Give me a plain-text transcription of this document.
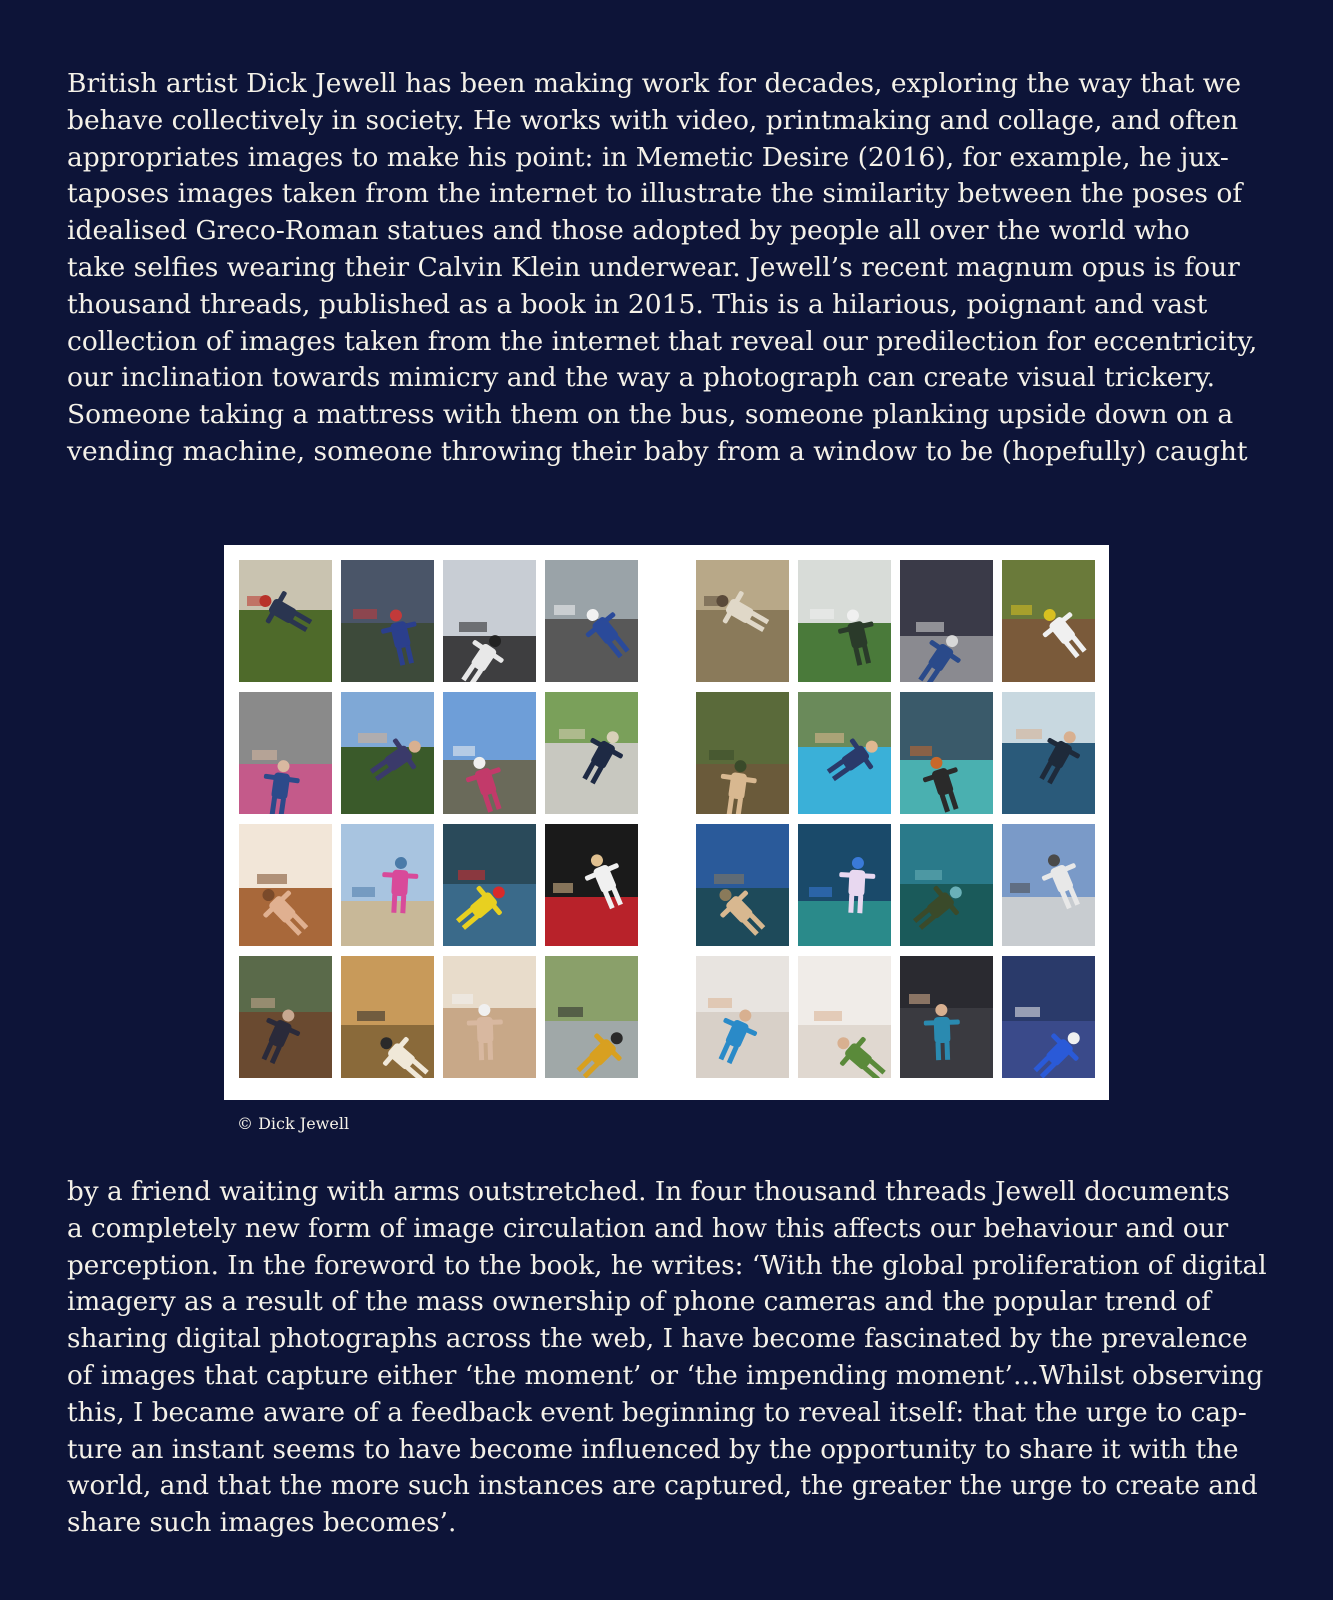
British artist Dick Jewell has been making work for decades, exploring the way that we
behave collectively in society. He works with video, printmaking and collage, and often
appropriates images to make his point: in Memetic Desire (2016), for example, he jux-
taposes images taken from the internet to illustrate the similarity between the poses of
idealised Greco-Roman statues and those adopted by people all over the world who
take selfies wearing their Calvin Klein underwear. Jewell’s recent magnum opus is four
thousand threads, published as a book in 2015. This is a hilarious, poignant and vast
collection of images taken from the internet that reveal our predilection for eccentricity,
our inclination towards mimicry and the way a photograph can create visual trickery.
Someone taking a mattress with them on the bus, someone planking upside down on a
vending machine, someone throwing their baby from a window to be (hopefully) caught
© Dick Jewell
by a friend waiting with arms outstretched. In four thousand threads Jewell documents
a completely new form of image circulation and how this affects our behaviour and our
perception. In the foreword to the book, he writes: ‘With the global proliferation of digital
imagery as a result of the mass ownership of phone cameras and the popular trend of
sharing digital photographs across the web, I have become fascinated by the prevalence
of images that capture either ‘the moment’ or ‘the impending moment’…Whilst observing
this, I became aware of a feedback event beginning to reveal itself: that the urge to cap-
ture an instant seems to have become influenced by the opportunity to share it with the
world, and that the more such instances are captured, the greater the urge to create and
share such images becomes’.
